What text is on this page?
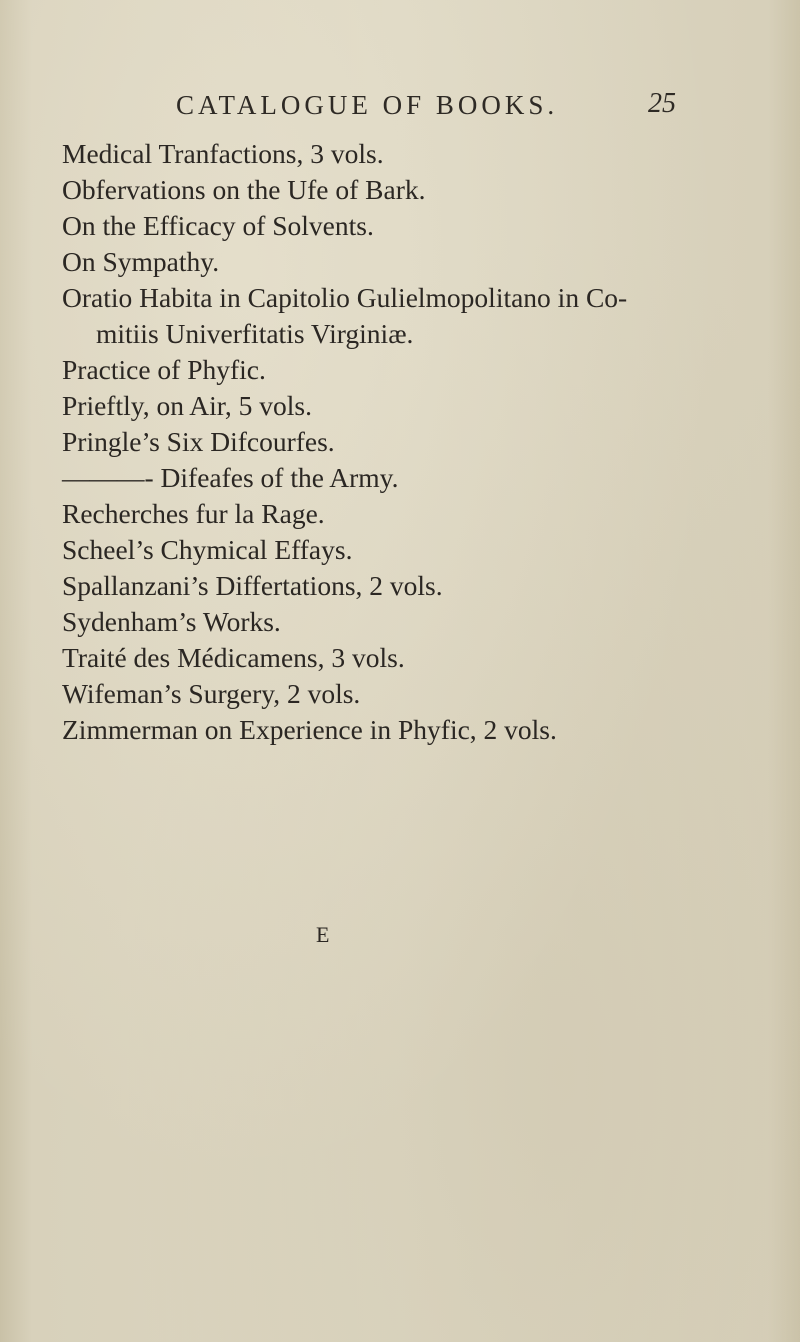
CATALOGUE OF BOOKS.	25
Medical Tranfactions, 3 vols.
Obfervations on the Ufe of Bark.
On the Efficacy of Solvents.
On Sympathy.
Oratio Habita in Capitolio Gulielmopolitano in Co-
mitiis Univerfitatis Virginiæ.
Practice of Phyfic.
Prieftly, on Air, 5 vols.
Pringle’s Six Difcourfes.
———- Difeafes of the Army.
Recherches fur la Rage.
Scheel’s Chymical Effays.
Spallanzani’s Differtations, 2 vols.
Sydenham’s Works.
Traité des Médicamens, 3 vols.
Wifeman’s Surgery, 2 vols.
Zimmerman on Experience in Phyfic, 2 vols.
E
